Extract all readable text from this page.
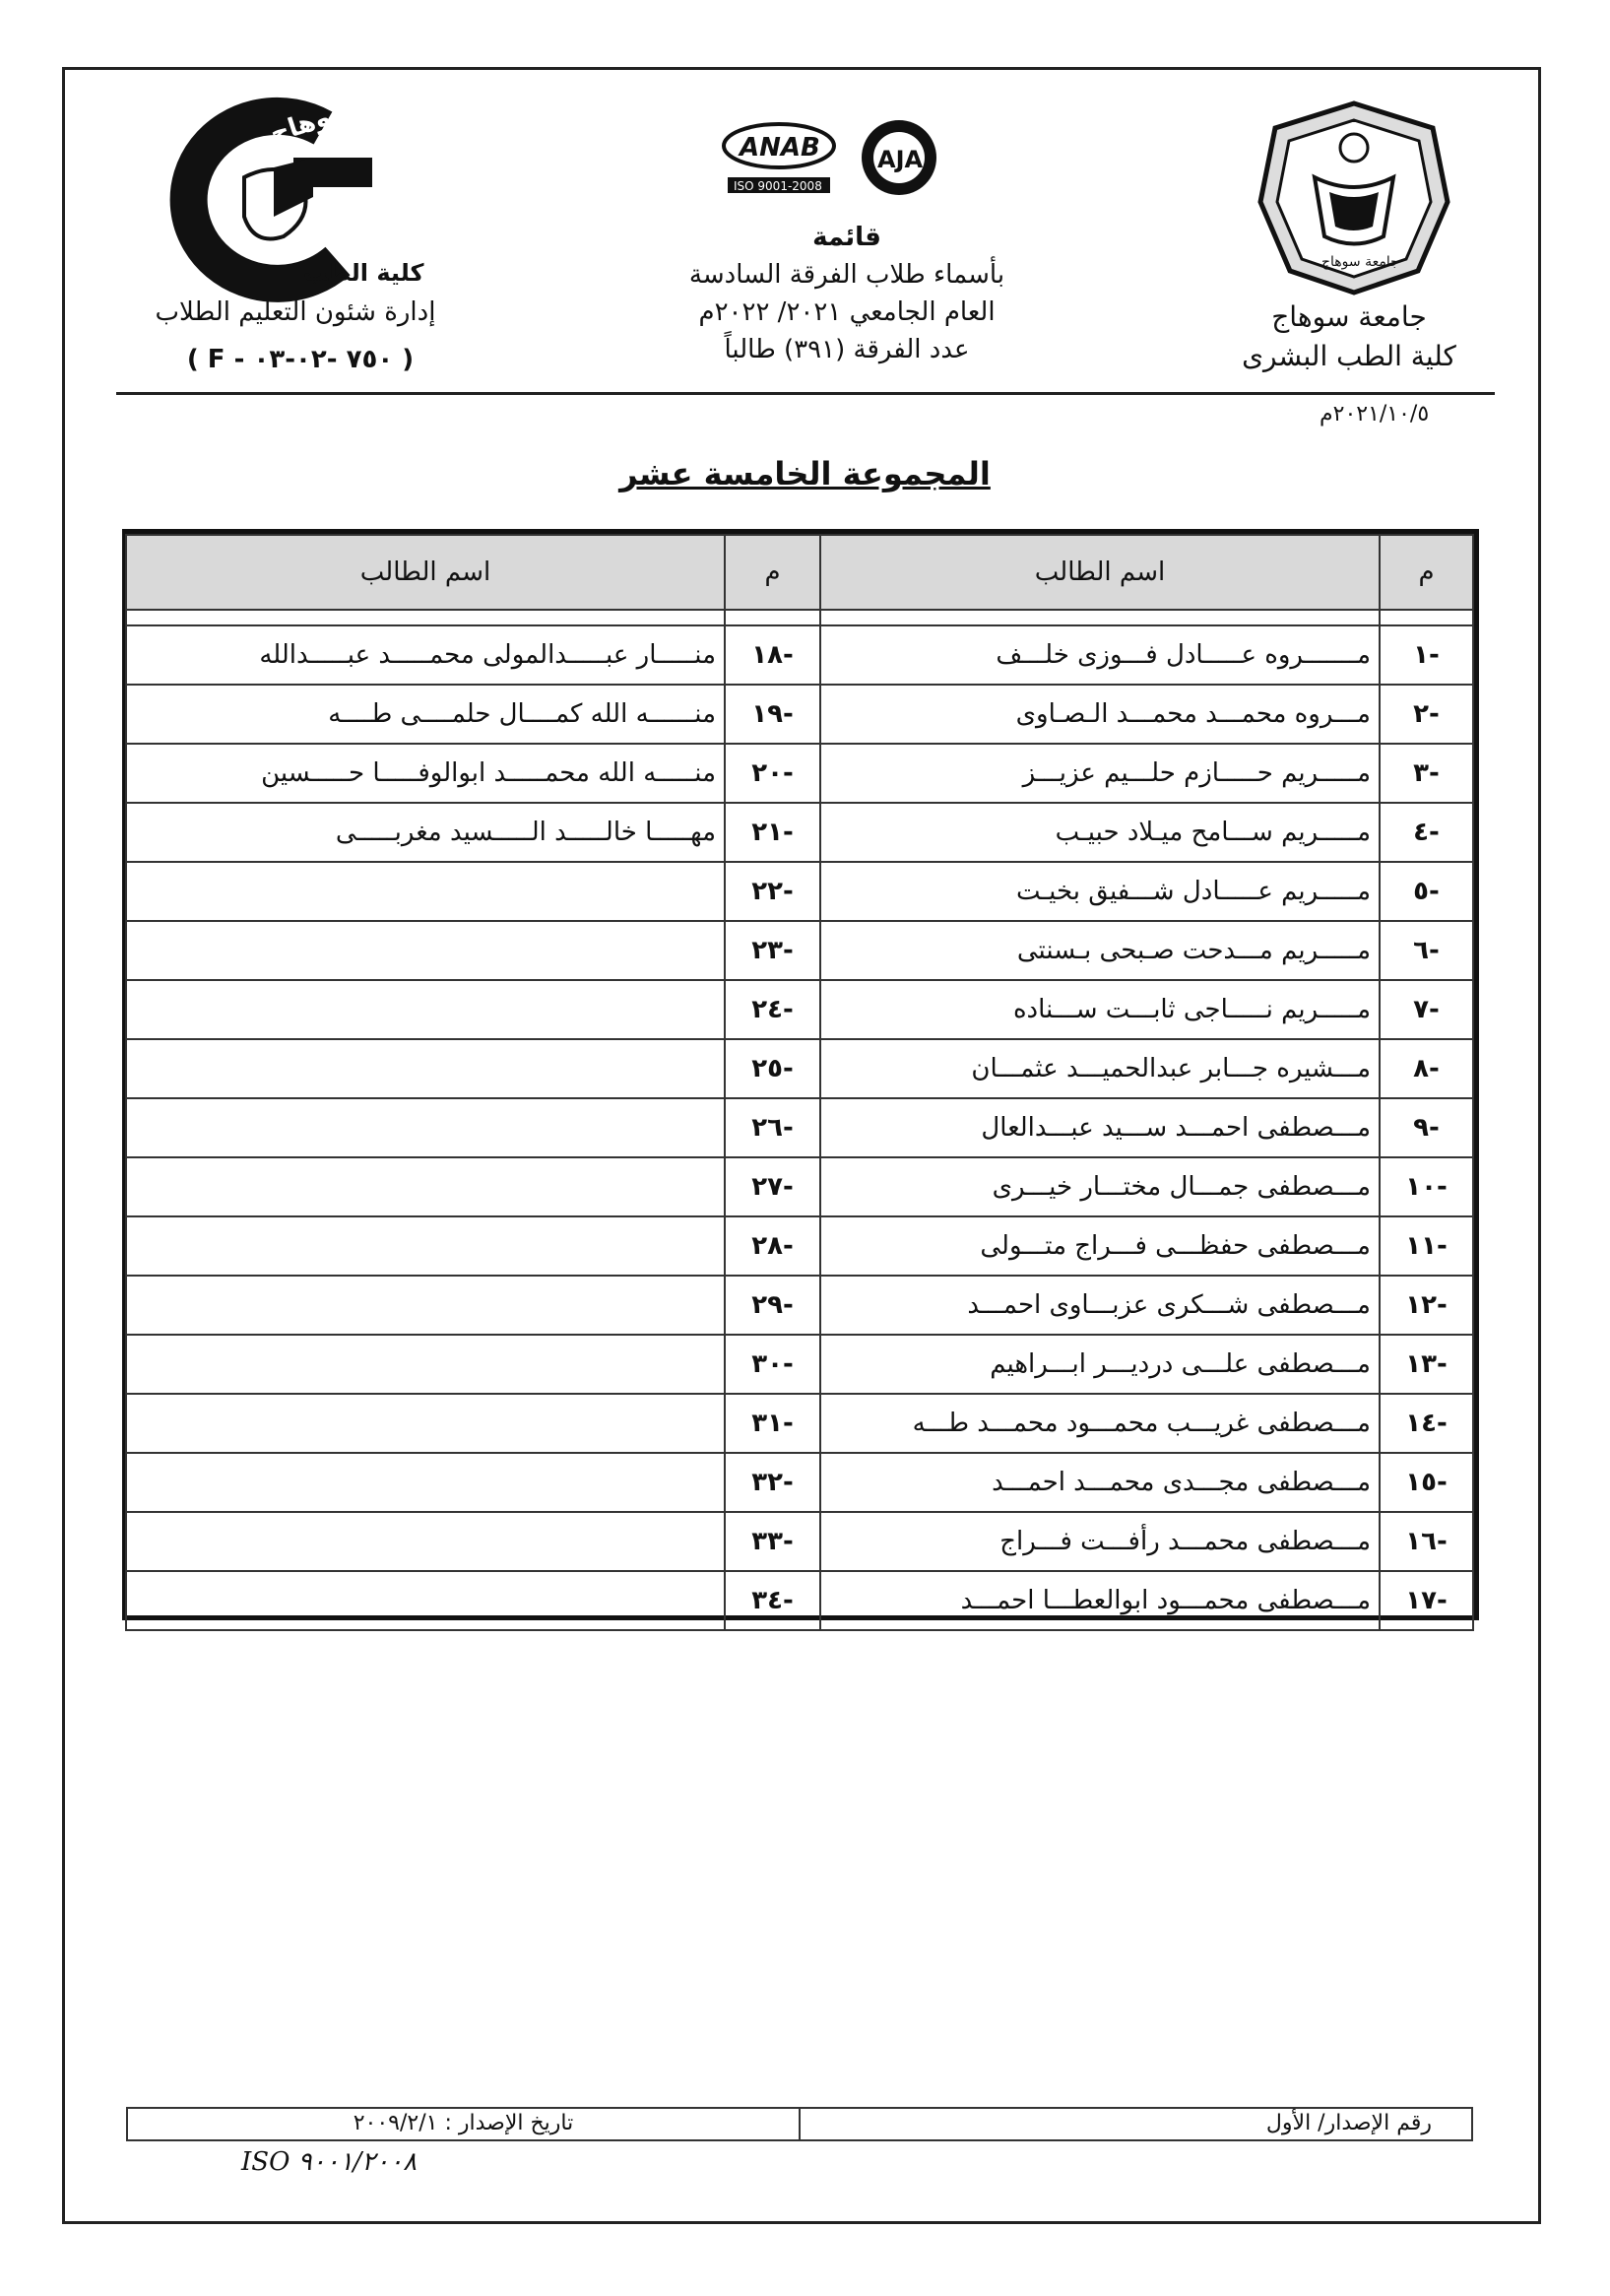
جامعة سوهاج
كلية الطب
ANAB
ISO 9001-2008
AJA
جامعة سوهاج
إدارة شئون التعليم الطلاب
( F - ٧٥٠ -٠٢-٠٣ )
قائمة
بأسماء طلاب الفرقة السادسة
العام الجامعي ٢٠٢١/ ٢٠٢٢م
عدد الفرقة (٣٩١) طالباً
جامعة سوهاج
كلية الطب البشرى
٢٠٢١/١٠/٥م
المجموعة الخامسة عشر
م	اسم الطالب	م	اسم الطالب

-١	مـــــــروه عـــــادل فـــوزى خلـــف	-١٨	منـــــار عبـــــدالمولى محمـــــد عبـــــدالله
-٢	مـــروه محمـــد محمـــد الـصـاوى	-١٩	منــــــه الله كمــــال حلمــــى طــــه
-٣	مـــــريم حـــــازم حلـــيم عزيـــز	-٢٠	منـــــه الله محمـــــد ابوالوفـــــا حـــــسين
-٤	مـــــريم ســـامح ميـلاد حبيـب	-٢١	مهـــــا خالـــــد الـــــسيد مغربـــــى
-٥	مـــــريم عـــــادل شـــفيق بخيـت	-٢٢	
-٦	مـــــريم مـــدحت صـبحى بـسنتى	-٢٣	
-٧	مـــــريم نـــــاجى ثابـــت ســـناده	-٢٤	
-٨	مـــشيره جـــابر عبدالحميـــد عثمـــان	-٢٥	
-٩	مـــصطفى احمـــد ســـيد عبـــدالعال	-٢٦	
-١٠	مـــصطفى جمـــال مختـــار خيـــرى	-٢٧	
-١١	مـــصطفى حفظـــى فـــراج متـــولى	-٢٨	
-١٢	مـــصطفى شـــكرى عزبـــاوى احمـــد	-٢٩	
-١٣	مـــصطفى علـــى دردیـــر ابـــراھیم	-٣٠	
-١٤	مـــصطفى غریـــب محمـــود محمـــد طـــه	-٣١	
-١٥	مـــصطفى مجـــدى محمـــد احمـــد	-٣٢	
-١٦	مـــصطفى محمـــد رأفـــت فـــراج	-٣٣	
-١٧	مـــصطفى محمـــود ابوالعطـــا احمـــد	-٣٤	
رقم الإصدار/ الأول
تاريخ الإصدار : ٢٠٠٩/٢/١
ISO ٩٠٠١/٢٠٠٨
